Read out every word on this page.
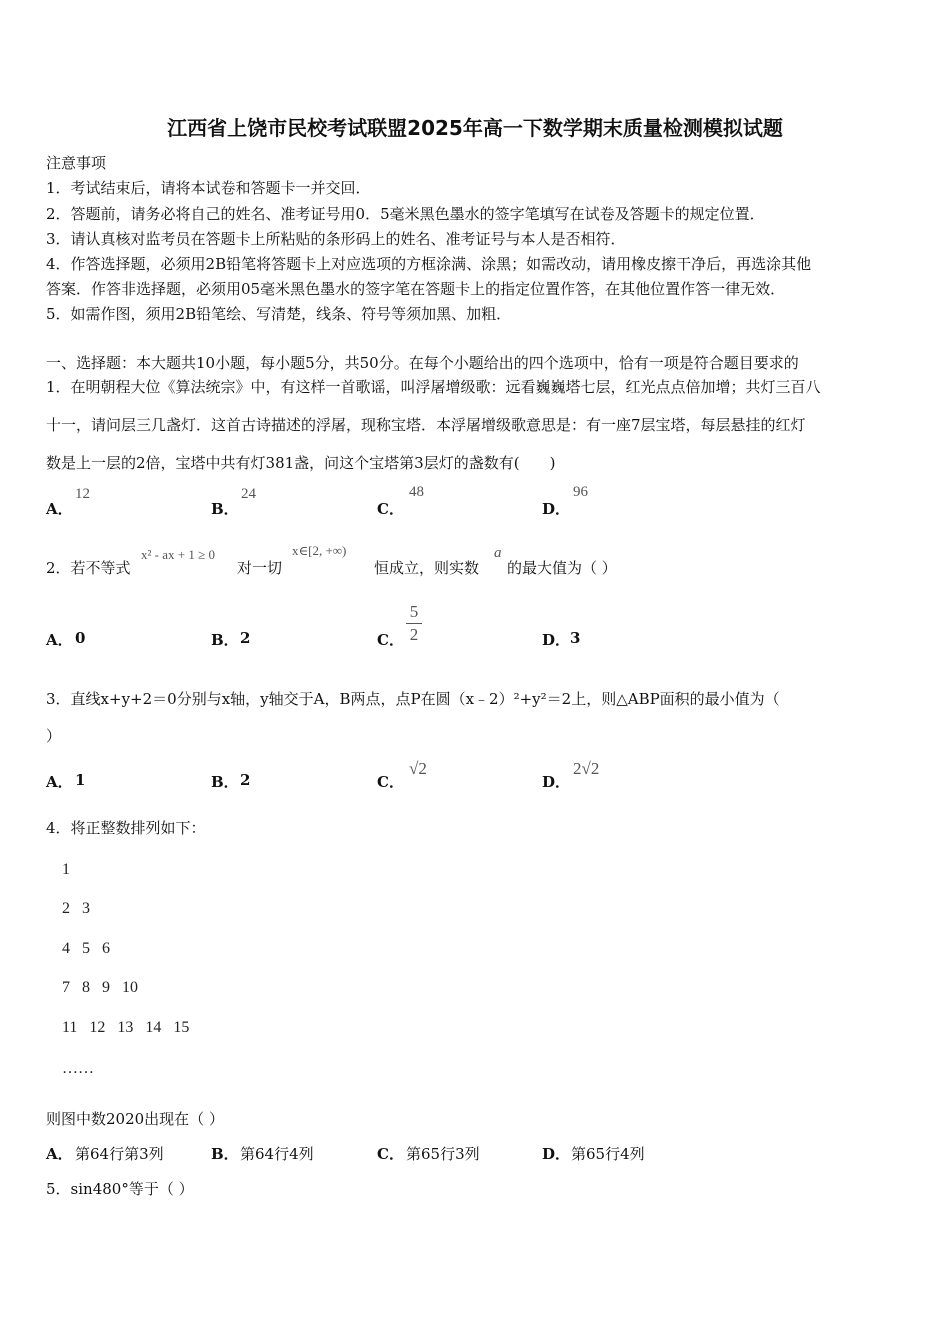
江西省上饶市民校考试联盟2025年高一下数学期末质量检测模拟试题
注意事项
1．考试结束后，请将本试卷和答题卡一并交回．
2．答题前，请务必将自己的姓名、准考证号用0．5毫米黑色墨水的签字笔填写在试卷及答题卡的规定位置．
3．请认真核对监考员在答题卡上所粘贴的条形码上的姓名、准考证号与本人是否相符．
4．作答选择题，必须用2B铅笔将答题卡上对应选项的方框涂满、涂黑；如需改动，请用橡皮擦干净后，再选涂其他
答案．作答非选择题，必须用05毫米黑色墨水的签字笔在答题卡上的指定位置作答，在其他位置作答一律无效．
5．如需作图，须用2B铅笔绘、写清楚，线条、符号等须加黑、加粗．
一、选择题：本大题共10小题，每小题5分，共50分。在每个小题给出的四个选项中，恰有一项是符合题目要求的
1．在明朝程大位《算法统宗》中，有这样一首歌谣，叫浮屠增级歌：远看巍巍塔七层，红光点点倍加增；共灯三百八
十一，请问层三几盏灯．这首古诗描述的浮屠，现称宝塔．本浮屠增级歌意思是：有一座7层宝塔，每层悬挂的红灯
数是上一层的2倍，宝塔中共有灯381盏，问这个宝塔第3层灯的盏数有(　　)
A．
12
B．
24
C．
48
D．
96
2．若不等式
x² - ax + 1 ≥ 0
对一切
x∈[2, +∞)
恒成立，则实数
a
的最大值为（ ）
A． 0	B． 2	C．
5
2	D． 3
3．直线x+y+2＝0分别与x轴，y轴交于A，B两点，点P在圆（x﹣2）²+y²＝2上，则△ABP面积的最小值为（
）
A． 1	B． 2	C．
√2
D．
2√2
4．将正整数排列如下：
1
2   3
4   5   6
7   8   9   10
11   12   13   14   15
……
则图中数2020出现在（ ）
A． 第64行第3列	B． 第64行4列	C． 第65行3列	D． 第65行4列
5．sin480°等于（ ）
